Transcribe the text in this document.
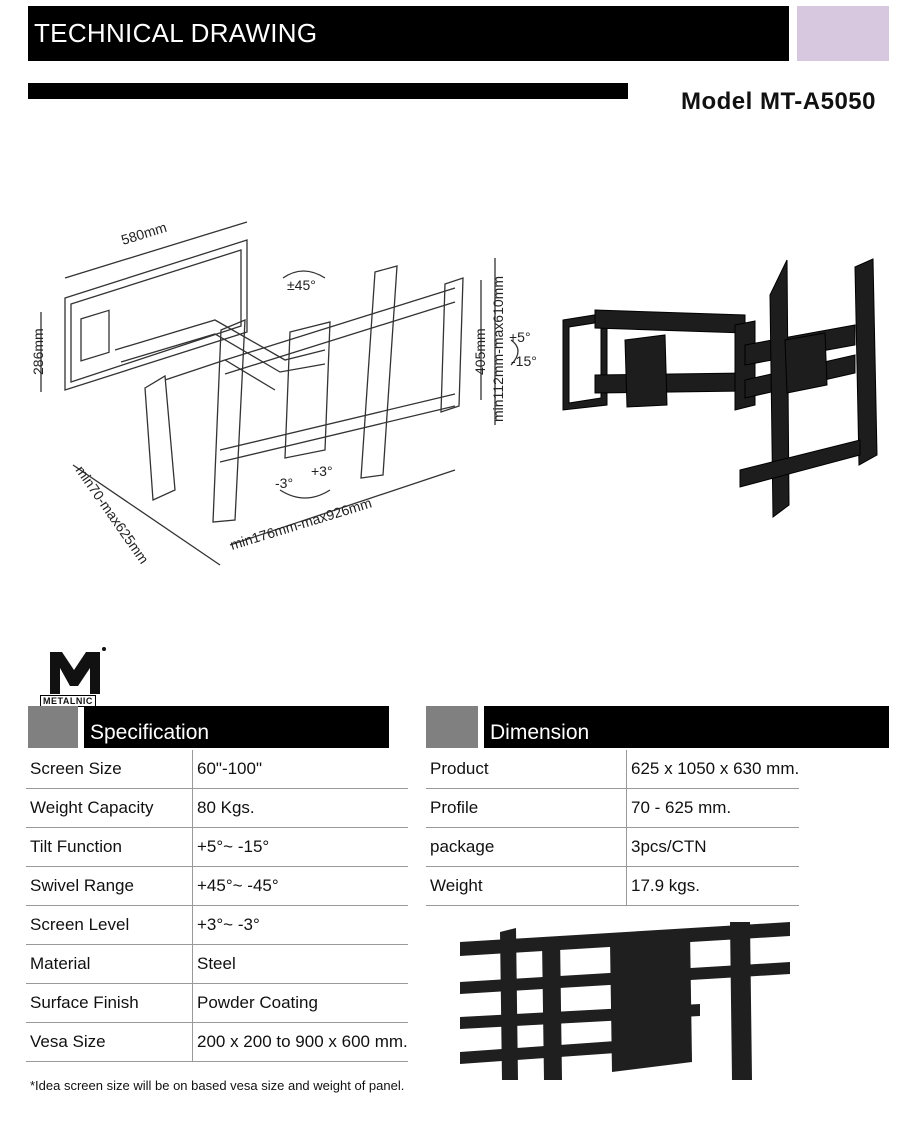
TECHNICAL DRAWING
Model MT-A5050
580mm
286mm
±45°
405mm min112mm-max610mm +5°
-15°
-3°
+3°
min70-max625mm	min176mm-max926mm
METALNIC
METALNIC
Specification
Screen Size	60"-100"
Weight Capacity	80 Kgs.
Tilt Function	+5°~ -15°
Swivel Range	+45°~ -45°
Screen Level	+3°~ -3°
Material	Steel
Surface Finish	Powder Coating
Vesa Size	200 x 200 to 900 x 600 mm.
Dimension
Product	625 x 1050 x 630 mm.
Profile	70 - 625 mm.
package	3pcs/CTN
Weight	17.9 kgs.
*Idea screen size will be on based vesa size and weight of panel.
